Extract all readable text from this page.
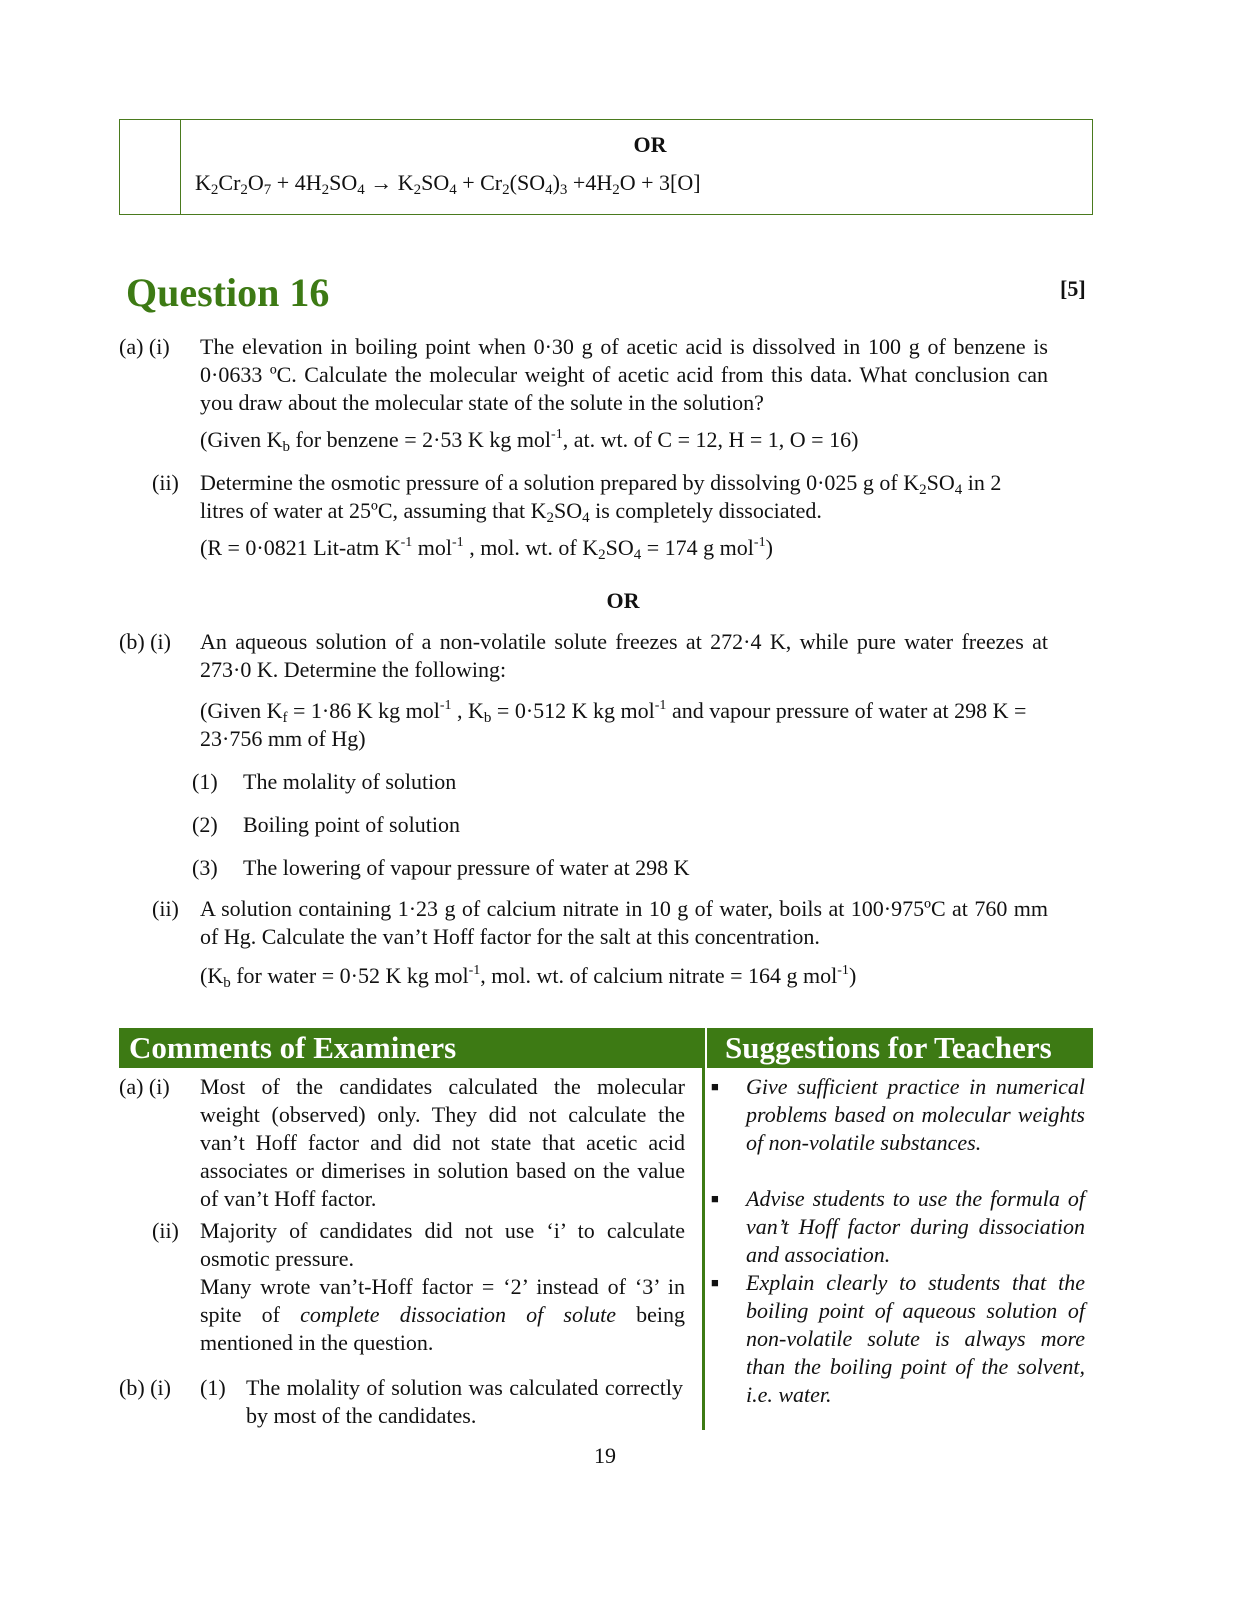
OR
$K_2Cr_2O_7 + 4H_2SO_4 \to K_2SO_4 + Cr_2(SO_4)_3 +4H_2O + 3[O]$
Question 16	[5]
(a) (i) The elevation in boiling point when 0·30 g of acetic acid is dissolved in 100 g of benzene is 0·0633 ºC. Calculate the molecular weight of acetic acid from this data. What conclusion can you draw about the molecular state of the solute in the solution?
(Given $K_b$ for benzene = 2·53 K kg mol$^{-1}$, at. wt. of C = 12, H = 1, O = 16)
(ii) Determine the osmotic pressure of a solution prepared by dissolving 0·025 g of $K_2SO_4$ in 2 litres of water at 25ºC, assuming that $K_2SO_4$ is completely dissociated.
(R = 0·0821 Lit-atm $K^{-1}$ mol$^{-1}$ , mol. wt. of $K_2SO_4 = 174$ g mol$^{-1}$)
OR
(b) (i) An aqueous solution of a non-volatile solute freezes at 272·4 K, while pure water freezes at 273·0 K. Determine the following:
(Given $K_f = 1\cdot 86$ K kg mol$^{-1}$ , $K_b = 0\cdot 512$ K kg mol$^{-1}$ and vapour pressure of water at 298 K = 23·756 mm of Hg)
(1) The molality of solution
(2) Boiling point of solution
(3) The lowering of vapour pressure of water at 298 K
(ii) A solution containing 1·23 g of calcium nitrate in 10 g of water, boils at 100·975ºC at 760 mm of Hg. Calculate the van’t Hoff factor for the salt at this concentration.
($K_b$ for water = 0·52 K kg mol$^{-1}$, mol. wt. of calcium nitrate = 164 g mol$^{-1}$)
Comments of Examiners	Suggestions for Teachers
(a) (i) Most of the candidates calculated the molecular weight (observed) only. They did not calculate the van’t Hoff factor and did not state that acetic acid associates or dimerises in solution based on the value of van’t Hoff factor.
(ii) Majority of candidates did not use ‘i’ to calculate osmotic pressure.
Many wrote van’t-Hoff factor = ‘2’ instead of ‘3’ in spite of complete dissociation of solute being mentioned in the question.
(b) (i) (1) The molality of solution was calculated correctly by most of the candidates.
■ Give sufficient practice in numerical problems based on molecular weights of non-volatile substances.
■ Advise students to use the formula of van’t Hoff factor during dissociation and association.
■ Explain clearly to students that the boiling point of aqueous solution of non-volatile solute is always more than the boiling point of the solvent, i.e. water.
19
